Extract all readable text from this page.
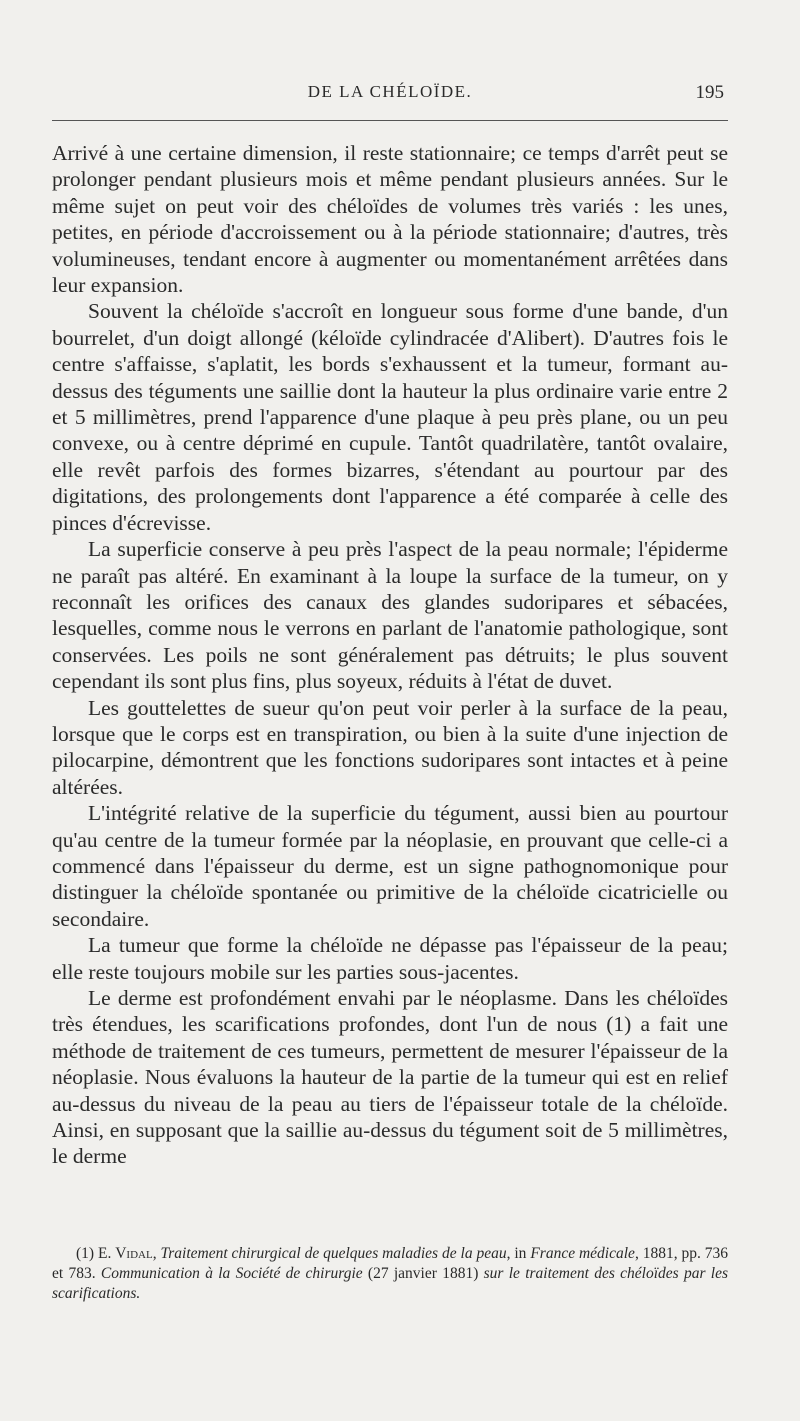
DE LA CHÉLOÏDE.	195

Arrivé à une certaine dimension, il reste stationnaire; ce temps d'arrêt peut se prolonger pendant plusieurs mois et même pendant plusieurs années. Sur le même sujet on peut voir des chéloïdes de volumes très variés : les unes, petites, en période d'accroissement ou à la période stationnaire; d'autres, très volumineuses, tendant encore à augmenter ou momentanément arrêtées dans leur expansion.

Souvent la chéloïde s'accroît en longueur sous forme d'une bande, d'un bourrelet, d'un doigt allongé (kéloïde cylindracée d'Alibert). D'autres fois le centre s'affaisse, s'aplatit, les bords s'exhaussent et la tumeur, formant au-dessus des téguments une saillie dont la hauteur la plus ordinaire varie entre 2 et 5 millimètres, prend l'apparence d'une plaque à peu près plane, ou un peu convexe, ou à centre déprimé en cupule. Tantôt quadrilatère, tantôt ovalaire, elle revêt parfois des formes bizarres, s'étendant au pourtour par des digitations, des prolongements dont l'apparence a été comparée à celle des pinces d'écrevisse.

La superficie conserve à peu près l'aspect de la peau normale; l'épiderme ne paraît pas altéré. En examinant à la loupe la surface de la tumeur, on y reconnaît les orifices des canaux des glandes sudoripares et sébacées, lesquelles, comme nous le verrons en parlant de l'anatomie pathologique, sont conservées. Les poils ne sont généralement pas détruits; le plus souvent cependant ils sont plus fins, plus soyeux, réduits à l'état de duvet.

Les gouttelettes de sueur qu'on peut voir perler à la surface de la peau, lorsque que le corps est en transpiration, ou bien à la suite d'une injection de pilocarpine, démontrent que les fonctions sudoripares sont intactes et à peine altérées.

L'intégrité relative de la superficie du tégument, aussi bien au pourtour qu'au centre de la tumeur formée par la néoplasie, en prouvant que celle-ci a commencé dans l'épaisseur du derme, est un signe pathognomonique pour distinguer la chéloïde spontanée ou primitive de la chéloïde cicatricielle ou secondaire.

La tumeur que forme la chéloïde ne dépasse pas l'épaisseur de la peau; elle reste toujours mobile sur les parties sous-jacentes.

Le derme est profondément envahi par le néoplasme. Dans les chéloïdes très étendues, les scarifications profondes, dont l'un de nous (1) a fait une méthode de traitement de ces tumeurs, permettent de mesurer l'épaisseur de la néoplasie. Nous évaluons la hauteur de la partie de la tumeur qui est en relief au-dessus du niveau de la peau au tiers de l'épaisseur totale de la chéloïde. Ainsi, en supposant que la saillie au-dessus du tégument soit de 5 millimètres, le derme

(1) E. Vidal, Traitement chirurgical de quelques maladies de la peau, in France médicale, 1881, pp. 736 et 783. Communication à la Société de chirurgie (27 janvier 1881) sur le traitement des chéloïdes par les scarifications.
